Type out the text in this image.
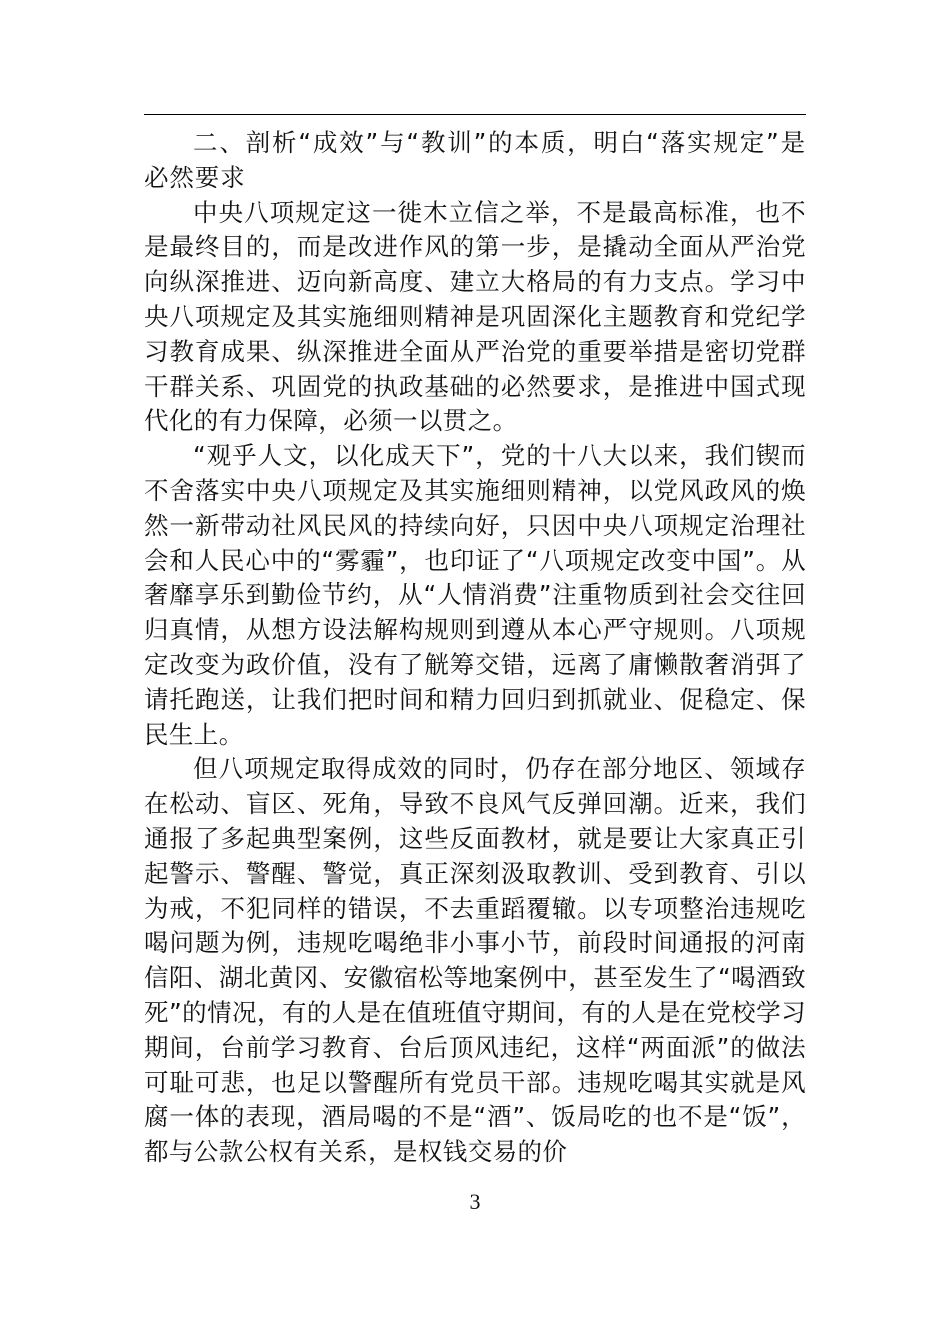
二、剖析“成效”与“教训”的本质，明白“落实规定”是必然要求

中央八项规定这一徙木立信之举，不是最高标准，也不是最终目的，而是改进作风的第一步，是撬动全面从严治党向纵深推进、迈向新高度、建立大格局的有力支点。学习中央八项规定及其实施细则精神是巩固深化主题教育和党纪学习教育成果、纵深推进全面从严治党的重要举措是密切党群干群关系、巩固党的执政基础的必然要求，是推进中国式现代化的有力保障，必须一以贯之。

“观乎人文，以化成天下”，党的十八大以来，我们锲而不舍落实中央八项规定及其实施细则精神，以党风政风的焕然一新带动社风民风的持续向好，只因中央八项规定治理社会和人民心中的“雾霾”，也印证了“八项规定改变中国”。从奢靡享乐到勤俭节约，从“人情消费”注重物质到社会交往回归真情，从想方设法解构规则到遵从本心严守规则。八项规定改变为政价值，没有了觥筹交错，远离了庸懒散奢消弭了请托跑送，让我们把时间和精力回归到抓就业、促稳定、保民生上。

但八项规定取得成效的同时，仍存在部分地区、领域存在松动、盲区、死角，导致不良风气反弹回潮。近来，我们通报了多起典型案例，这些反面教材，就是要让大家真正引起警示、警醒、警觉，真正深刻汲取教训、受到教育、引以为戒，不犯同样的错误，不去重蹈覆辙。以专项整治违规吃喝问题为例，违规吃喝绝非小事小节，前段时间通报的河南信阳、湖北黄冈、安徽宿松等地案例中，甚至发生了“喝酒致死”的情况，有的人是在值班值守期间，有的人是在党校学习期间，台前学习教育、台后顶风违纪，这样“两面派”的做法可耻可悲，也足以警醒所有党员干部。违规吃喝其实就是风腐一体的表现，酒局喝的不是“酒”、饭局吃的也不是“饭”，都与公款公权有关系，是权钱交易的价

3
